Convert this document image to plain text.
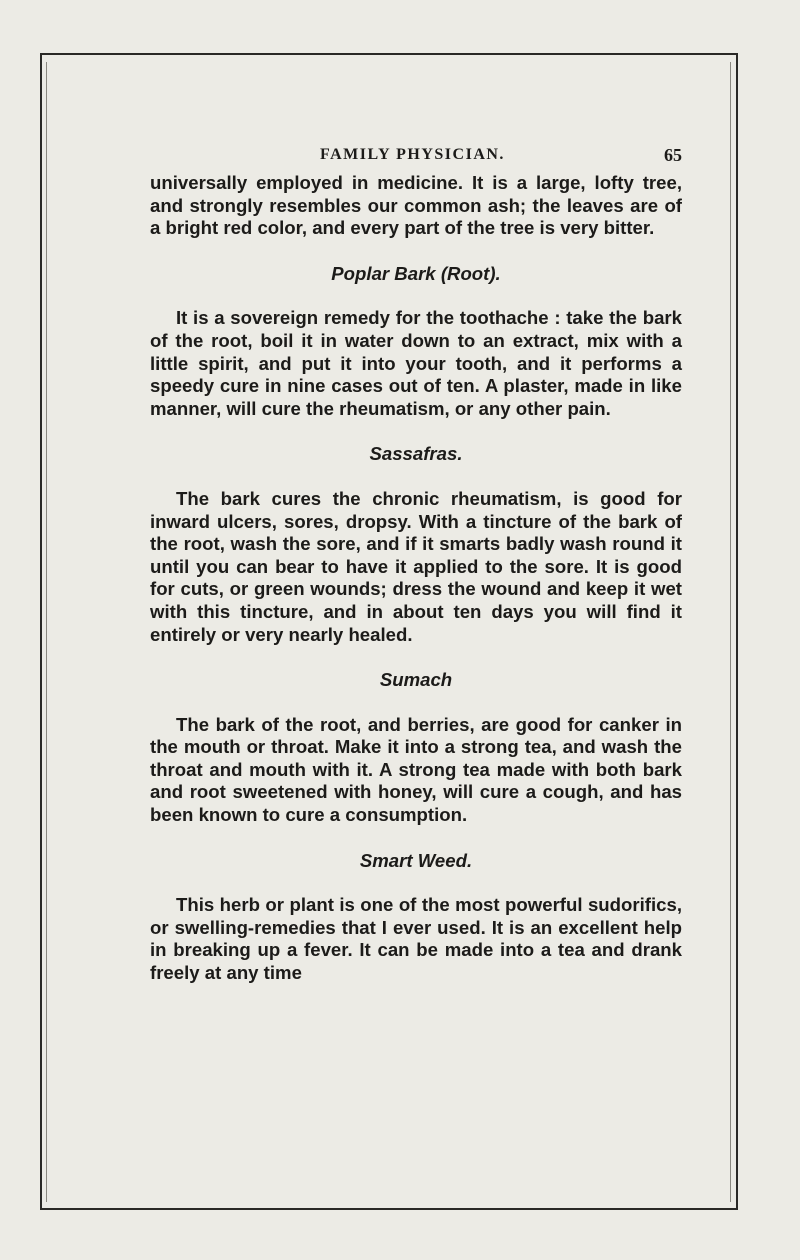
FAMILY PHYSICIAN.	65

universally employed in medicine. It is a large, lofty tree, and strongly resembles our common ash; the leaves are of a bright red color, and every part of the tree is very bitter.

Poplar Bark (Root).

It is a sovereign remedy for the toothache : take the bark of the root, boil it in water down to an extract, mix with a little spirit, and put it into your tooth, and it performs a speedy cure in nine cases out of ten. A plaster, made in like manner, will cure the rheumatism, or any other pain.

Sassafras.

The bark cures the chronic rheumatism, is good for inward ulcers, sores, dropsy. With a tincture of the bark of the root, wash the sore, and if it smarts badly wash round it until you can bear to have it applied to the sore. It is good for cuts, or green wounds; dress the wound and keep it wet with this tincture, and in about ten days you will find it entirely or very nearly healed.

Sumach

The bark of the root, and berries, are good for canker in the mouth or throat. Make it into a strong tea, and wash the throat and mouth with it. A strong tea made with both bark and root sweetened with honey, will cure a cough, and has been known to cure a consumption.

Smart Weed.

This herb or plant is one of the most powerful sudorifics, or swelling-remedies that I ever used. It is an excellent help in breaking up a fever. It can be made into a tea and drank freely at any time
